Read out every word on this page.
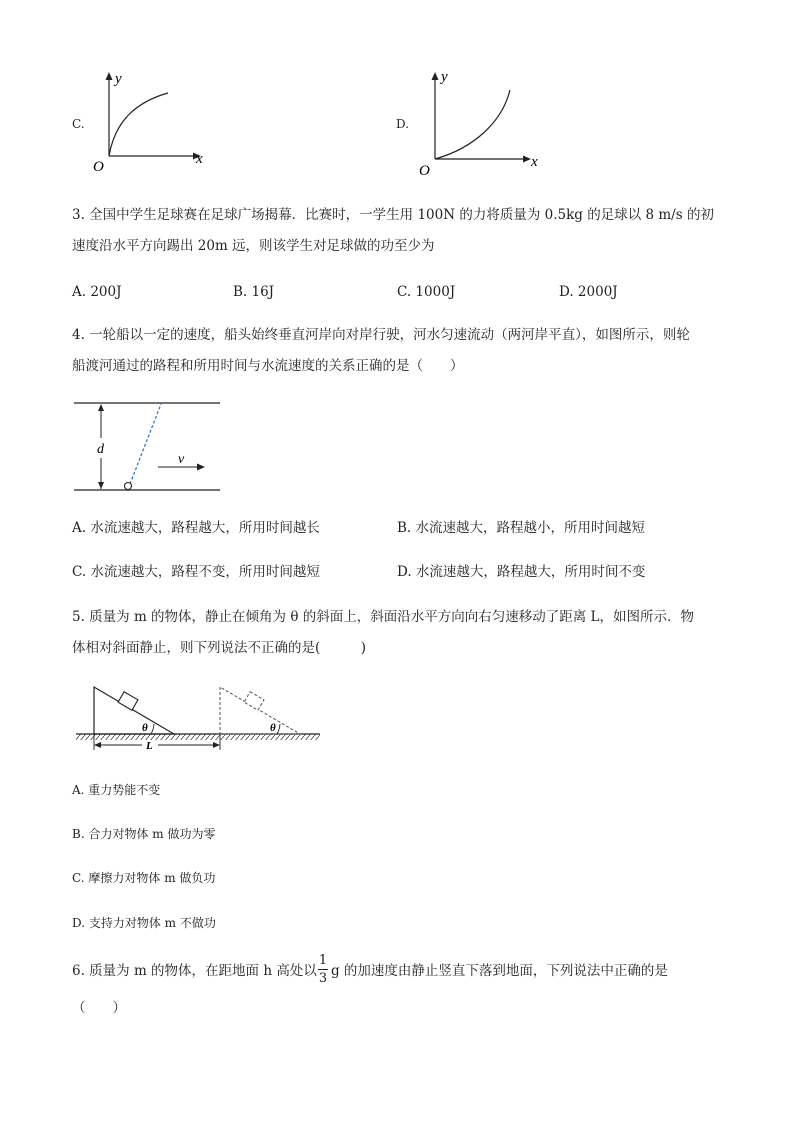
C.
y
x
O
D.
y
x
O
3. 全国中学生足球赛在足球广场揭幕．比赛时，一学生用 100N 的力将质量为 0.5kg 的足球以 8 m/s 的初
速度沿水平方向踢出 20m 远，则该学生对足球做的功至少为
A. 200J	B. 16J	C. 1000J	D. 2000J
4. 一轮船以一定的速度，船头始终垂直河岸向对岸行驶，河水匀速流动（两河岸平直），如图所示，则轮
船渡河通过的路程和所用时间与水流速度的关系正确的是（　　）
d
v
A. 水流速越大，路程越大，所用时间越长	B. 水流速越大，路程越小，所用时间越短
C. 水流速越大，路程不变，所用时间越短	D. 水流速越大，路程越大，所用时间不变
5. 质量为 m 的物体，静止在倾角为 θ 的斜面上，斜面沿水平方向向右匀速移动了距离 L，如图所示．物
体相对斜面静止，则下列说法不正确的是(　　　)
θ	θ
L
A. 重力势能不变
B. 合力对物体 m 做功为零
C. 摩擦力对物体 m 做负功
D. 支持力对物体 m 不做功
6. 质量为 m 的物体，在距地面 h 高处以
1
3 g 的加速度由静止竖直下落到地面，下列说法中正确的是
（　　）
